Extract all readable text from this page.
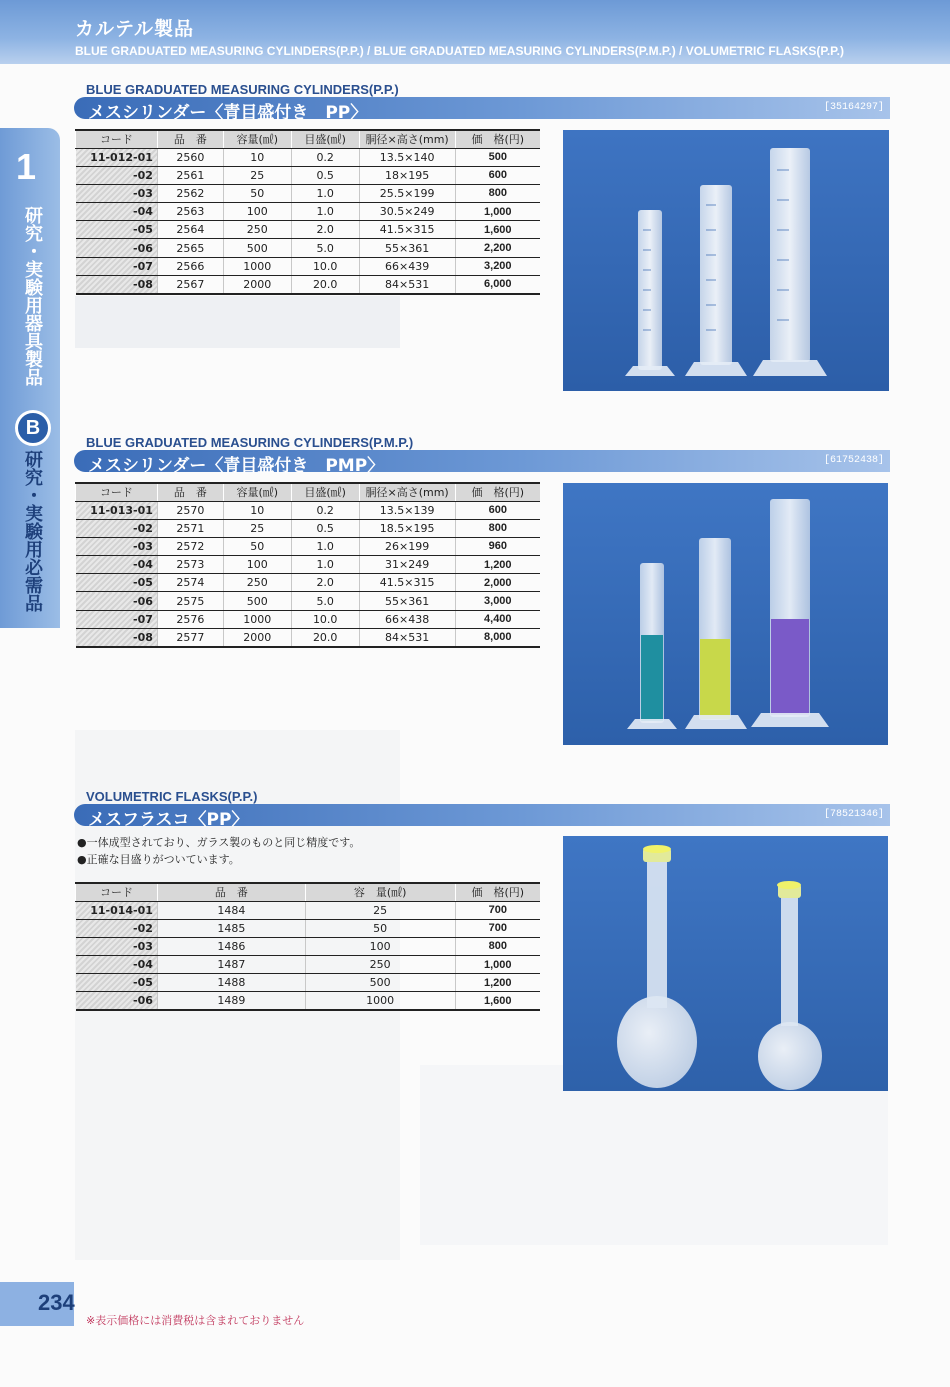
カルテル製品
BLUE GRADUATED MEASURING CYLINDERS(P.P.) / BLUE GRADUATED MEASURING CYLINDERS(P.M.P.) / VOLUMETRIC FLASKS(P.P.)
1
研究・実験用器具製品
B
研究・実験用必需品
BLUE GRADUATED MEASURING CYLINDERS(P.P.)
メスシリンダー〈青目盛付き　PP〉	[35164297]
コード	品　番	容量(㎖)	目盛(㎖)	胴径×高さ(mm)	価　格(円)
11-012-01	2560	10	0.2	13.5×140	500
-02	2561	25	0.5	18×195	600
-03	2562	50	1.0	25.5×199	800
-04	2563	100	1.0	30.5×249	1,000
-05	2564	250	2.0	41.5×315	1,600
-06	2565	500	5.0	55×361	2,200
-07	2566	1000	10.0	66×439	3,200
-08	2567	2000	20.0	84×531	6,000
BLUE GRADUATED MEASURING CYLINDERS(P.M.P.)
メスシリンダー〈青目盛付き　PMP〉	[61752438]
コード	品　番	容量(㎖)	目盛(㎖)	胴径×高さ(mm)	価　格(円)
11-013-01	2570	10	0.2	13.5×139	600
-02	2571	25	0.5	18.5×195	800
-03	2572	50	1.0	26×199	960
-04	2573	100	1.0	31×249	1,200
-05	2574	250	2.0	41.5×315	2,000
-06	2575	500	5.0	55×361	3,000
-07	2576	1000	10.0	66×438	4,400
-08	2577	2000	20.0	84×531	8,000
VOLUMETRIC FLASKS(P.P.)
メスフラスコ〈PP〉	[78521346]
●一体成型されており、ガラス製のものと同じ精度です。
●正確な目盛りがついています。
コード	品　番	容　量(㎖)	価　格(円)
11-014-01	1484	25	700
-02	1485	50	700
-03	1486	100	800
-04	1487	250	1,000
-05	1488	500	1,200
-06	1489	1000	1,600
234
※表示価格には消費税は含まれておりません
